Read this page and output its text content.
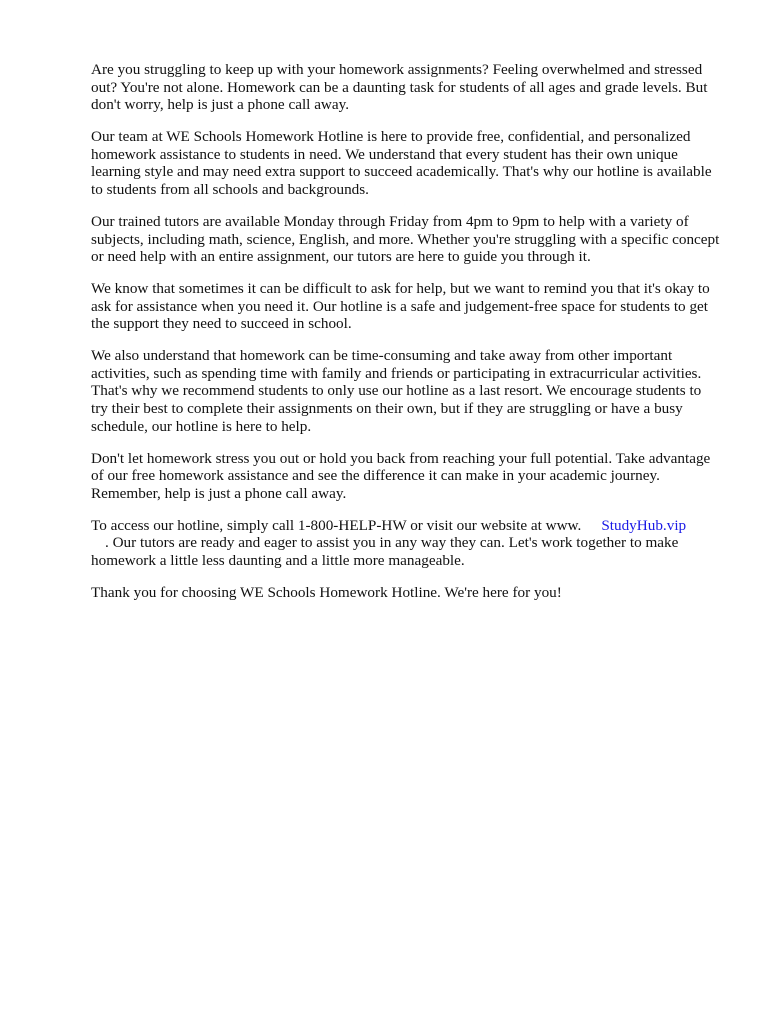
Are you struggling to keep up with your homework assignments? Feeling overwhelmed and stressed out? You're not alone. Homework can be a daunting task for students of all ages and grade levels. But don't worry, help is just a phone call away.

Our team at WE Schools Homework Hotline is here to provide free, confidential, and personalized homework assistance to students in need. We understand that every student has their own unique learning style and may need extra support to succeed academically. That's why our hotline is available to students from all schools and backgrounds.

Our trained tutors are available Monday through Friday from 4pm to 9pm to help with a variety of subjects, including math, science, English, and more. Whether you're struggling with a specific concept or need help with an entire assignment, our tutors are here to guide you through it.

We know that sometimes it can be difficult to ask for help, but we want to remind you that it's okay to ask for assistance when you need it. Our hotline is a safe and judgement-free space for students to get the support they need to succeed in school.

We also understand that homework can be time-consuming and take away from other important activities, such as spending time with family and friends or participating in extracurricular activities. That's why we recommend students to only use our hotline as a last resort. We encourage students to try their best to complete their assignments on their own, but if they are struggling or have a busy schedule, our hotline is here to help.

Don't let homework stress you out or hold you back from reaching your full potential. Take advantage of our free homework assistance and see the difference it can make in your academic journey. Remember, help is just a phone call away.

To access our hotline, simply call 1-800-HELP-HW or visit our website at www. StudyHub.vip

. Our tutors are ready and eager to assist you in any way they can. Let's work together to make homework a little less daunting and a little more manageable.

Thank you for choosing WE Schools Homework Hotline. We're here for you!
